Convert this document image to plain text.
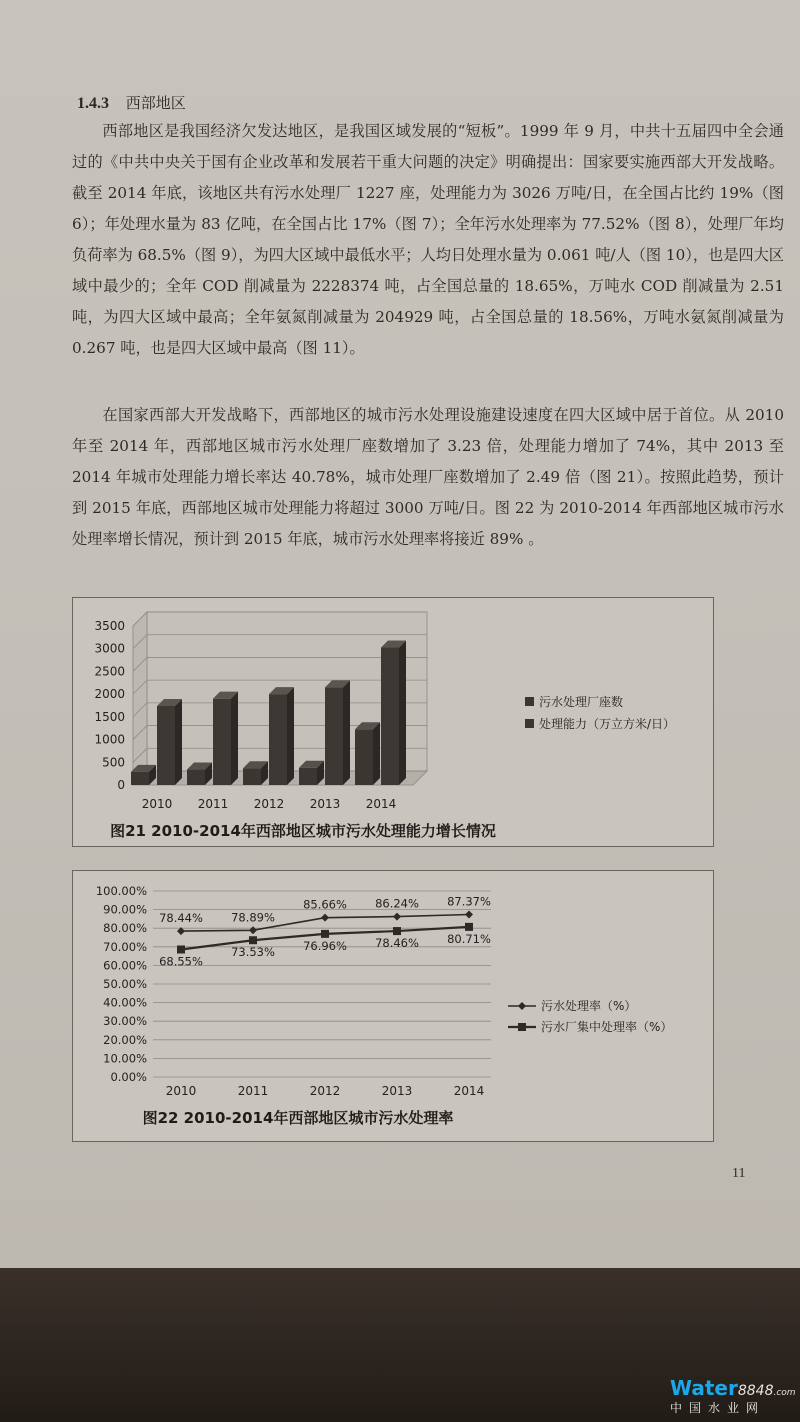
1.4.3 西部地区

西部地区是我国经济欠发达地区，是我国区域发展的“短板”。1999 年 9 月，中共十五届四中全会通过的《中共中央关于国有企业改革和发展若干重大问题的决定》明确提出：国家要实施西部大开发战略。截至 2014 年底，该地区共有污水处理厂 1227 座，处理能力为 3026 万吨/日，在全国占比约 19%（图 6）；年处理水量为 83 亿吨，在全国占比 17%（图 7）；全年污水处理率为 77.52%（图 8），处理厂年均负荷率为 68.5%（图 9），为四大区域中最低水平；人均日处理水量为 0.061 吨/人（图 10），也是四大区域中最少的；全年 COD 削减量为 2228374 吨，占全国总量的 18.65%，万吨水 COD 削减量为 2.51 吨，为四大区域中最高；全年氨氮削减量为 204929 吨，占全国总量的 18.56%，万吨水氨氮削减量为 0.267 吨，也是四大区域中最高（图 11）。

在国家西部大开发战略下，西部地区的城市污水处理设施建设速度在四大区域中居于首位。从 2010 年至 2014 年，西部地区城市污水处理厂座数增加了 3.23 倍，处理能力增加了 74%，其中 2013 至 2014 年城市处理能力增长率达 40.78%，城市处理厂座数增加了 2.49 倍（图 21）。按照此趋势，预计到 2015 年底，西部地区城市处理能力将超过 3000 万吨/日。图 22 为 2010-2014 年西部地区城市污水处理率增长情况，预计到 2015 年底，城市污水处理率将接近 89% 。

0
500
1000
1500
2000
2500
3000
3500
2010 2011 2012 2013 2014
污水处理厂座数
处理能力（万立方米/日）
图21 2010-2014年西部地区城市污水处理能力增长情况
0.00%
10.00%
20.00%
30.00%
40.00%
50.00%
60.00%
70.00%
80.00%
90.00%
100.00%
2010	2011	2012	2013	2014
78.44% 78.89%
85.66% 86.24% 87.37%
68.55%
73.53% 76.96% 78.46% 80.71%
污水处理率（%）
污水厂集中处理率（%）
图22 2010-2014年西部地区城市污水处理率
11
Water8848.com
中国水业网
